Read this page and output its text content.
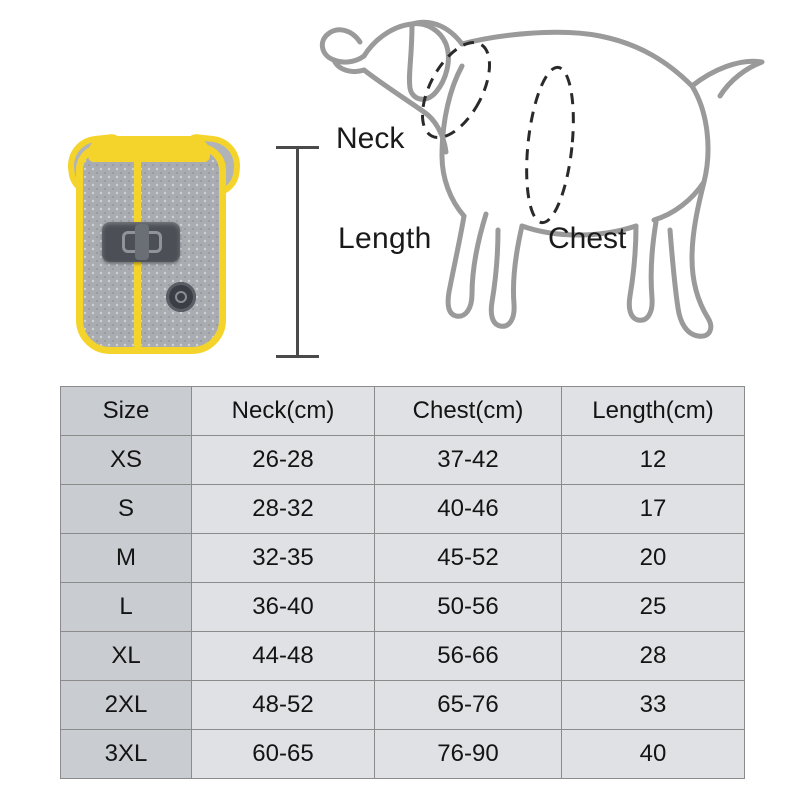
Length
Neck
Chest
Size	Neck(cm)	Chest(cm)	Length(cm)
XS	26-28	37-42	12
S	28-32	40-46	17
M	32-35	45-52	20
L	36-40	50-56	25
XL	44-48	56-66	28
2XL	48-52	65-76	33
3XL	60-65	76-90	40
